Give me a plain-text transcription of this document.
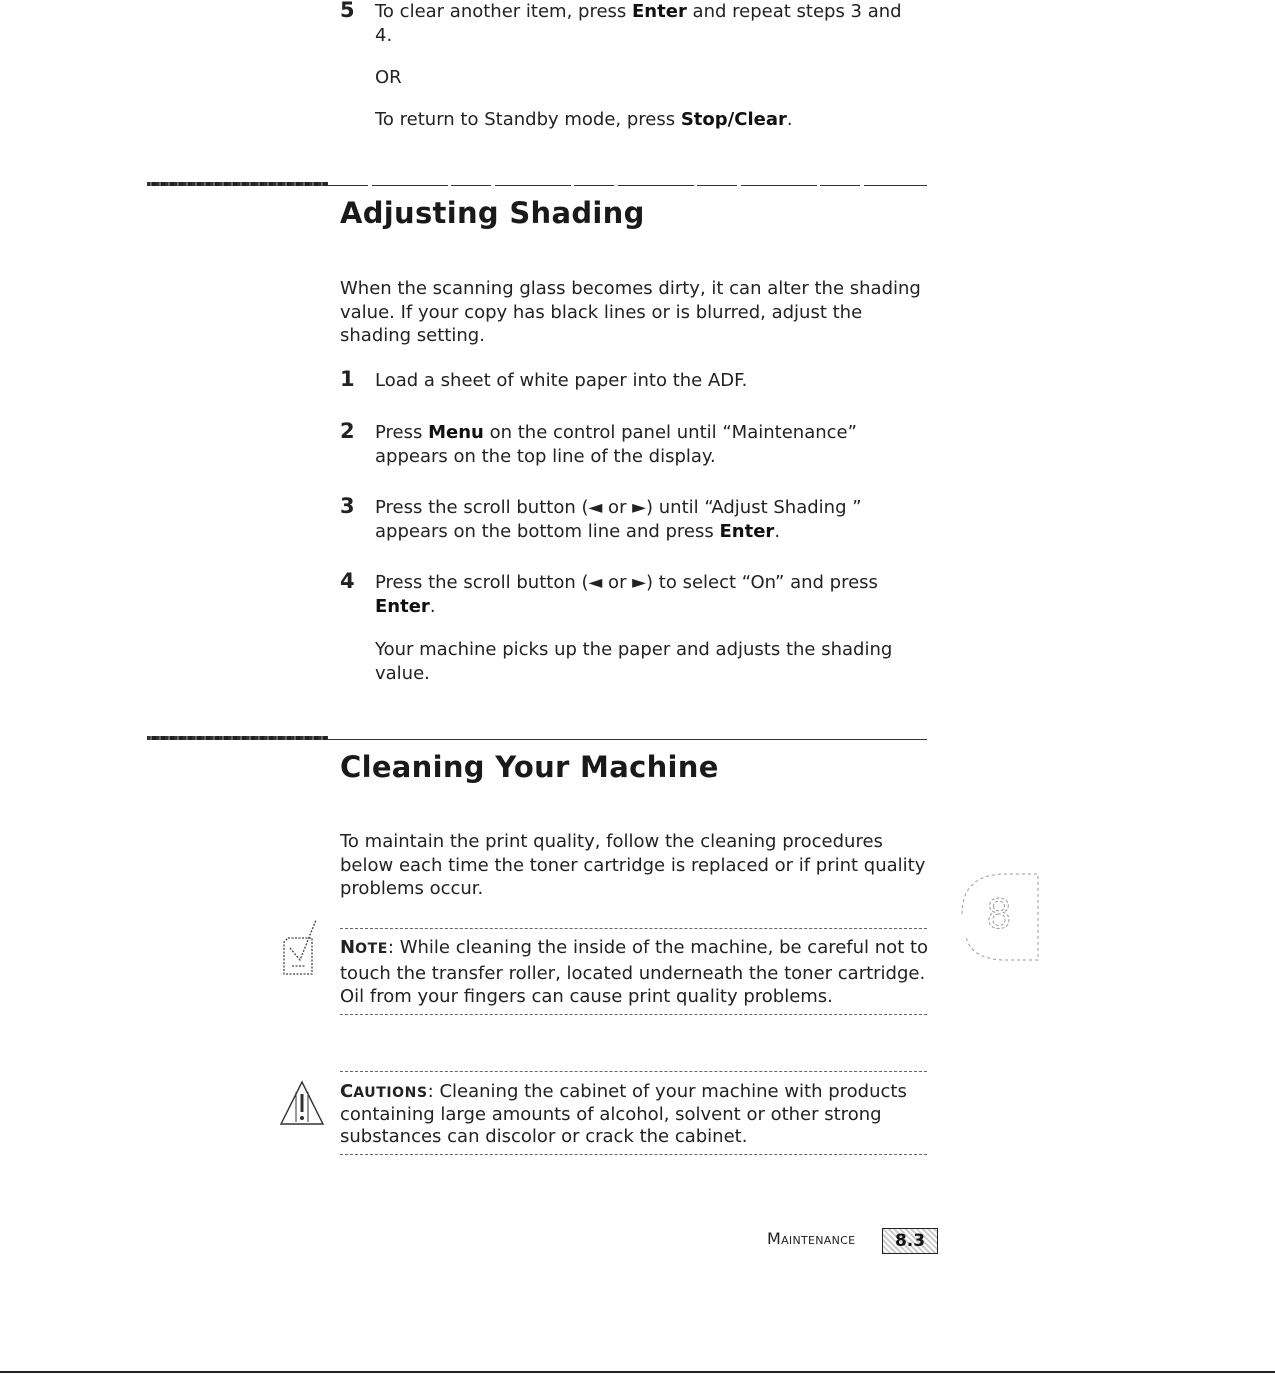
5 To clear another item, press Enter and repeat steps 3 and
4.
OR
To return to Standby mode, press Stop/Clear.
Adjusting Shading
When the scanning glass becomes dirty, it can alter the shading value. If your copy has black lines or is blurred, adjust the shading setting.
1 Load a sheet of white paper into the ADF.
2 Press Menu on the control panel until “Maintenance” appears on the top line of the display.
3 Press the scroll button (◄ or ►) until “Adjust Shading ” appears on the bottom line and press Enter.
4 Press the scroll button (◄ or ►) to select “On” and press Enter.
Your machine picks up the paper and adjusts the shading value.
Cleaning Your Machine
To maintain the print quality, follow the cleaning procedures below each time the toner cartridge is replaced or if print quality problems occur.
NOTE: While cleaning the inside of the machine, be careful not to touch the transfer roller, located underneath the toner cartridge. Oil from your fingers can cause print quality problems.
CAUTIONS: Cleaning the cabinet of your machine with products containing large amounts of alcohol, solvent or other strong substances can discolor or crack the cabinet.
8
Maintenance	8.3
